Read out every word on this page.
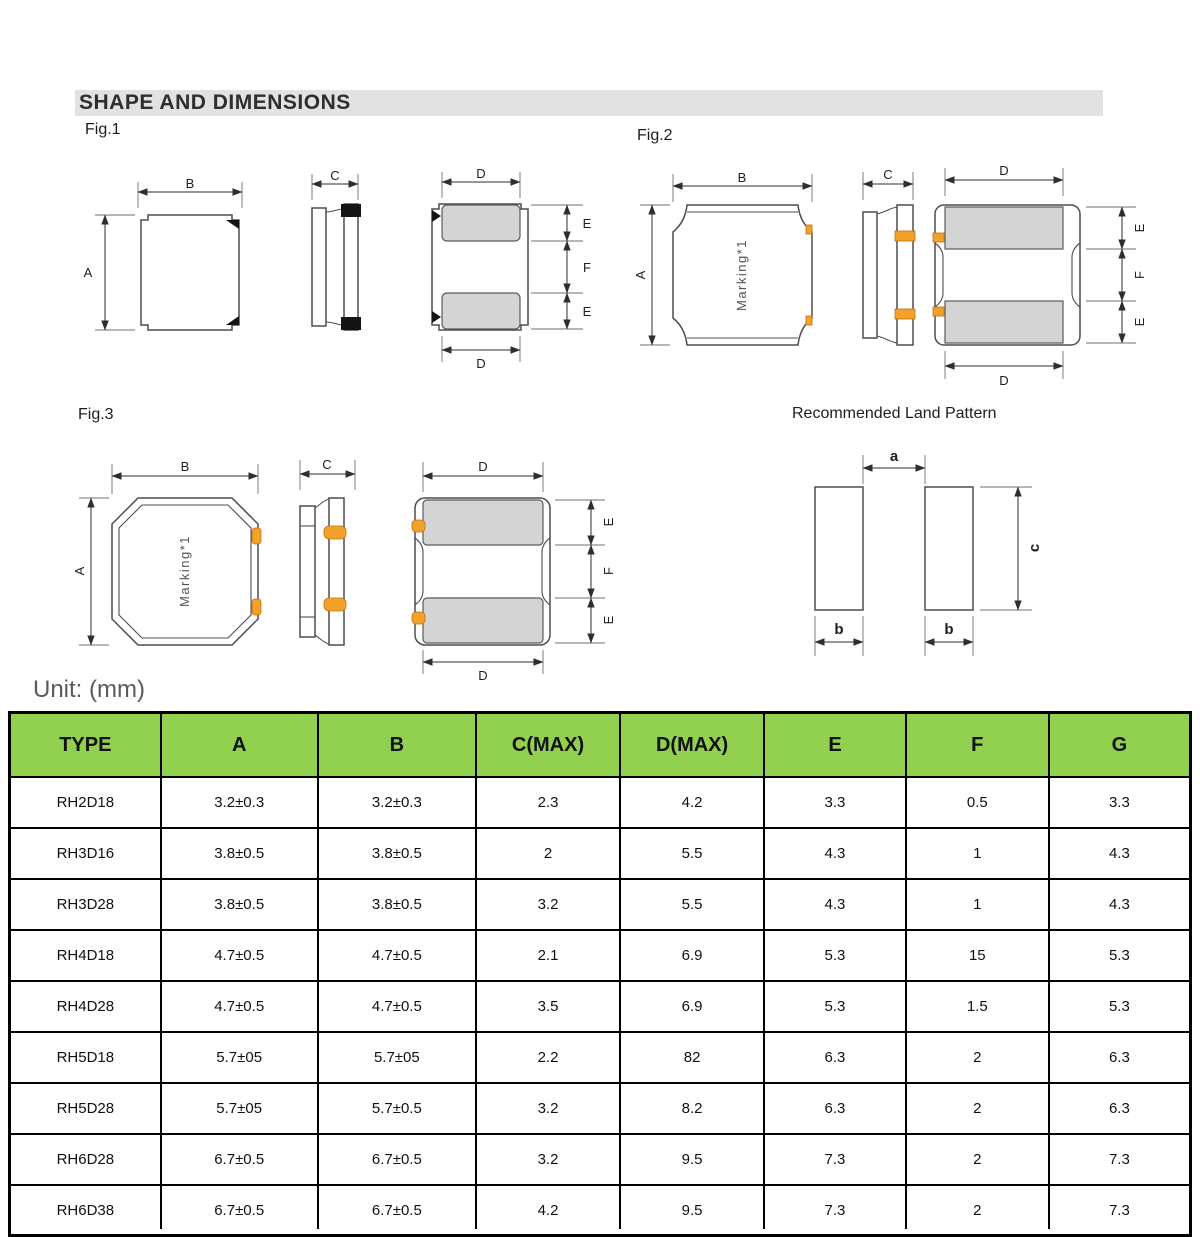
SHAPE AND DIMENSIONS
Fig.1	Fig.2
Fig.3	Recommended Land Pattern
B
A
C	D
D
E
F
E
Marking*1
B
A
C	D
D
E
F
E
Marking*1
B
A
C	D
D
E
F
E
a
b	b
c
Unit: (mm)
TYPE	A	B	C(MAX)	D(MAX)	E	F	G
RH2D18	3.2±0.3	3.2±0.3	2.3	4.2	3.3	0.5	3.3
RH3D16	3.8±0.5	3.8±0.5	2	5.5	4.3	1	4.3
RH3D28	3.8±0.5	3.8±0.5	3.2	5.5	4.3	1	4.3
RH4D18	4.7±0.5	4.7±0.5	2.1	6.9	5.3	15	5.3
RH4D28	4.7±0.5	4.7±0.5	3.5	6.9	5.3	1.5	5.3
RH5D18	5.7±05	5.7±05	2.2	82	6.3	2	6.3
RH5D28	5.7±05	5.7±0.5	3.2	8.2	6.3	2	6.3
RH6D28	6.7±0.5	6.7±0.5	3.2	9.5	7.3	2	7.3
RH6D38	6.7±0.5	6.7±0.5	4.2	9.5	7.3	2	7.3
